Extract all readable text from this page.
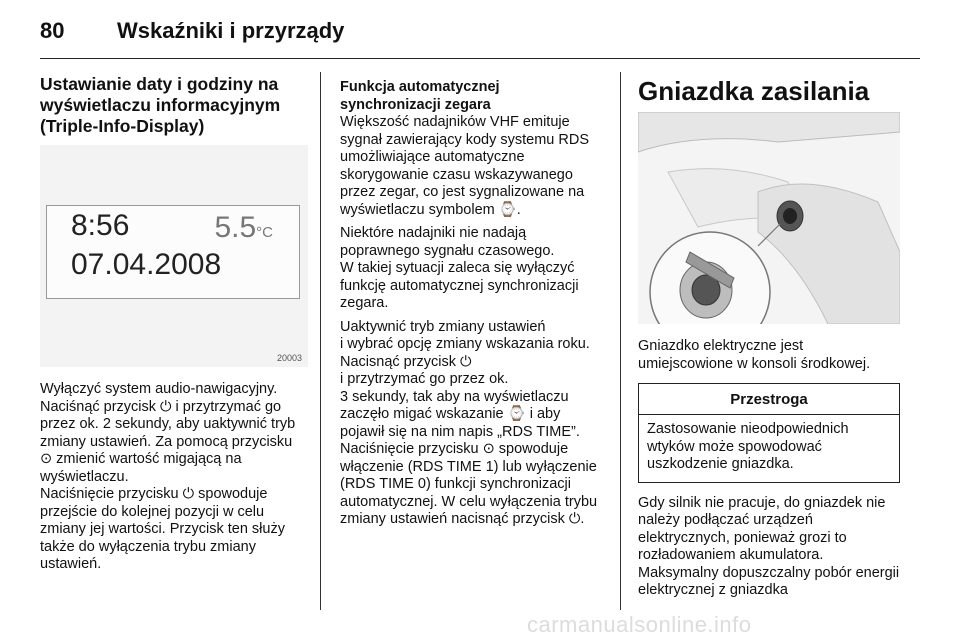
80 Wskaźniki i przyrządy
Ustawianie daty i godziny na wyświetlaczu informacyjnym (Triple-Info-Display)
8:56	5.5°C
07.04.2008
20003
Wyłączyć system audio-nawigacyjny.
Naciśnąć przycisk ⏻ i przytrzymać go przez ok. 2 sekundy, aby uaktywnić tryb zmiany ustawień. Za pomocą przycisku ⊙ zmienić wartość migającą na wyświetlaczu.
Naciśnięcie przycisku ⏻ spowoduje przejście do kolejnej pozycji w celu zmiany jej wartości. Przycisk ten służy także do wyłączenia trybu zmiany ustawień.
Funkcja automatycznej
synchronizacji zegara
Większość nadajników VHF emituje sygnał zawierający kody systemu RDS umożliwiające automatyczne skorygowanie czasu wskazywanego przez zegar, co jest sygnalizowane na wyświetlaczu symbolem ⌚.
Niektóre nadajniki nie nadają poprawnego sygnału czasowego.
W takiej sytuacji zaleca się wyłączyć funkcję automatycznej synchronizacji zegara.
Uaktywnić tryb zmiany ustawień
i wybrać opcję zmiany wskazania roku. Nacisnąć przycisk ⏻
i przytrzymać go przez ok.
3 sekundy, tak aby na wyświetlaczu zaczęło migać wskazanie ⌚ i aby pojawił się na nim napis „RDS TIME”.
Naciśnięcie przycisku ⊙ spowoduje włączenie (RDS TIME 1) lub wyłączenie (RDS TIME 0) funkcji synchronizacji automatycznej. W celu wyłączenia trybu zmiany ustawień nacisnąć przycisk ⏻.
Gniazdka zasilania
Gniazdko elektryczne jest umiejscowione w konsoli środkowej.
Przestroga
Zastosowanie nieodpowiednich wtyków może spowodować uszkodzenie gniazdka.
Gdy silnik nie pracuje, do gniazdek nie należy podłączać urządzeń elektrycznych, ponieważ grozi to rozładowaniem akumulatora.
Maksymalny dopuszczalny pobór energii elektrycznej z gniazdka
carmanualsonline.info
